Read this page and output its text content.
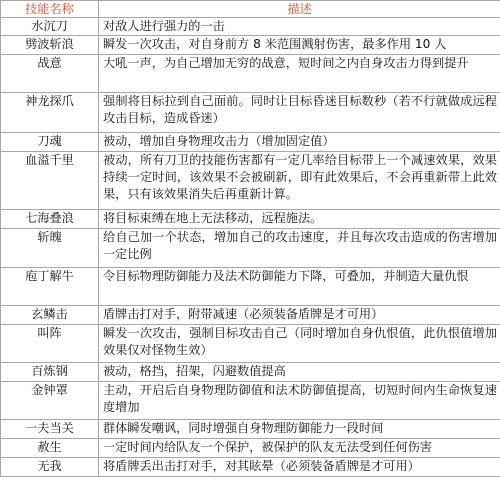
技能名称	描述
水沉刀	对敌人进行强力的一击
劈波斩浪	瞬发一次攻击，对自身前方 8 米范围溅射伤害，最多作用 10 人
战意	大吼一声，为自己增加无穷的战意，短时间之内自身攻击力得到提升
神龙探爪	强制将目标拉到自己面前。同时让目标昏迷目标数秒（若不行就做成远程攻击目标，造成昏迷）
刀魂	被动，增加自身物理攻击力（增加固定值）
血溢千里	被动，所有刀卫的技能伤害都有一定几率给目标带上一个减速效果，效果持续一定时间，该效果不会被刷新，即有此效果后，不会再重新带上此效果，只有该效果消失后再重新计算。
七海叠浪	将目标束缚在地上无法移动，远程施法。
斩魄	给自己加一个状态，增加自己的攻击速度，并且每次攻击造成的伤害增加一定比例
庖丁解牛	令目标物理防御能力及法术防御能力下降，可叠加，并制造大量仇恨
玄鳞击	盾牌击打对手，附带减速（必须装备盾牌是才可用）
叫阵	瞬发一次攻击，强制目标攻击自己（同时增加自身仇恨值，此仇恨值增加效果仅对怪物生效）
百炼钢	被动，格挡，招架，闪避数值提高
金钟罩	主动，开启后自身物理防御值和法术防御值提高，切短时间内生命恢复速度增加
一夫当关	群体瞬发嘲讽，同时增强自身物理防御能力一段时间
赦生	一定时间内给队友一个保护，被保护的队友无法受到任何伤害
无我	将盾牌丢出击打对手，对其眩晕（必须装备盾牌是才可用）
